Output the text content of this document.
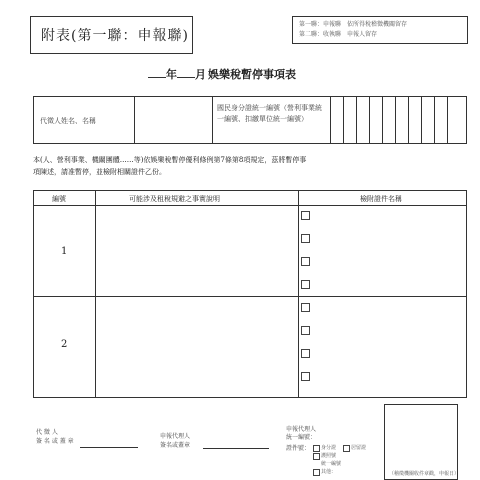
附表(第一聯：申報聯)
第一聯：申報聯　依所得稅稽徵機關留存
第二聯：收執聯　申報人留存
年 月 娛樂稅暫停事項表
代徵人姓名、名稱
國民身分證統一編號（營利事業統一編號、扣繳單位統一編號）
本(人、營利事業、機關團體……等)依娛樂稅暫停優利條例第7條第8項規定，茲將暫停事
項陳述，請准暫停，並檢附相關證件乙份。
編號	可能涉及租稅規避之事實說明	檢附證件名稱
1
2
代 徵 人
簽 名 或 蓋 章
申報代理人
簽名或蓋章
申報代理人
統一編號：
證件號： 身分證	居留證
護照號
統一編號
其他：	（稽徵機關收件章戳，申報日）
